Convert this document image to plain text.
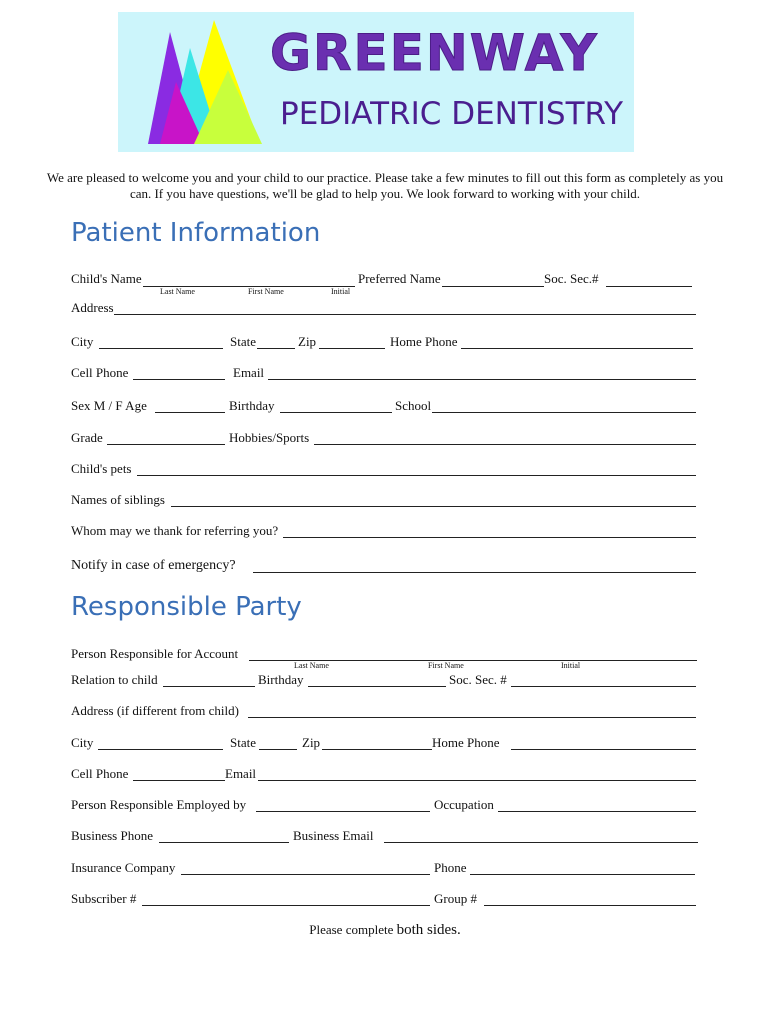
GREENWAY
PEDIATRIC DENTISTRY
We are pleased to welcome you and your child to our practice. Please take a few minutes to fill out this form as completely as you can. If you have questions, we'll be glad to help you. We look forward to working with your child.
Patient Information
Child's Name
Last Name	First Name	Initial
Preferred Name	Soc. Sec.#
Address
City	State	Zip	Home Phone
Cell Phone	Email
Sex M / F Age	Birthday	School
Grade	Hobbies/Sports
Child's pets
Names of siblings
Whom may we thank for referring you?
Notify in case of emergency?
Responsible Party
Person Responsible for Account
Last Name	First Name	Initial
Relation to child	Birthday	Soc. Sec. #
Address (if different from child)
City	State	Zip	Home Phone
Cell Phone	Email
Person Responsible Employed by	Occupation
Business Phone	Business Email
Insurance Company	Phone
Subscriber #	Group #
Please complete both sides.
